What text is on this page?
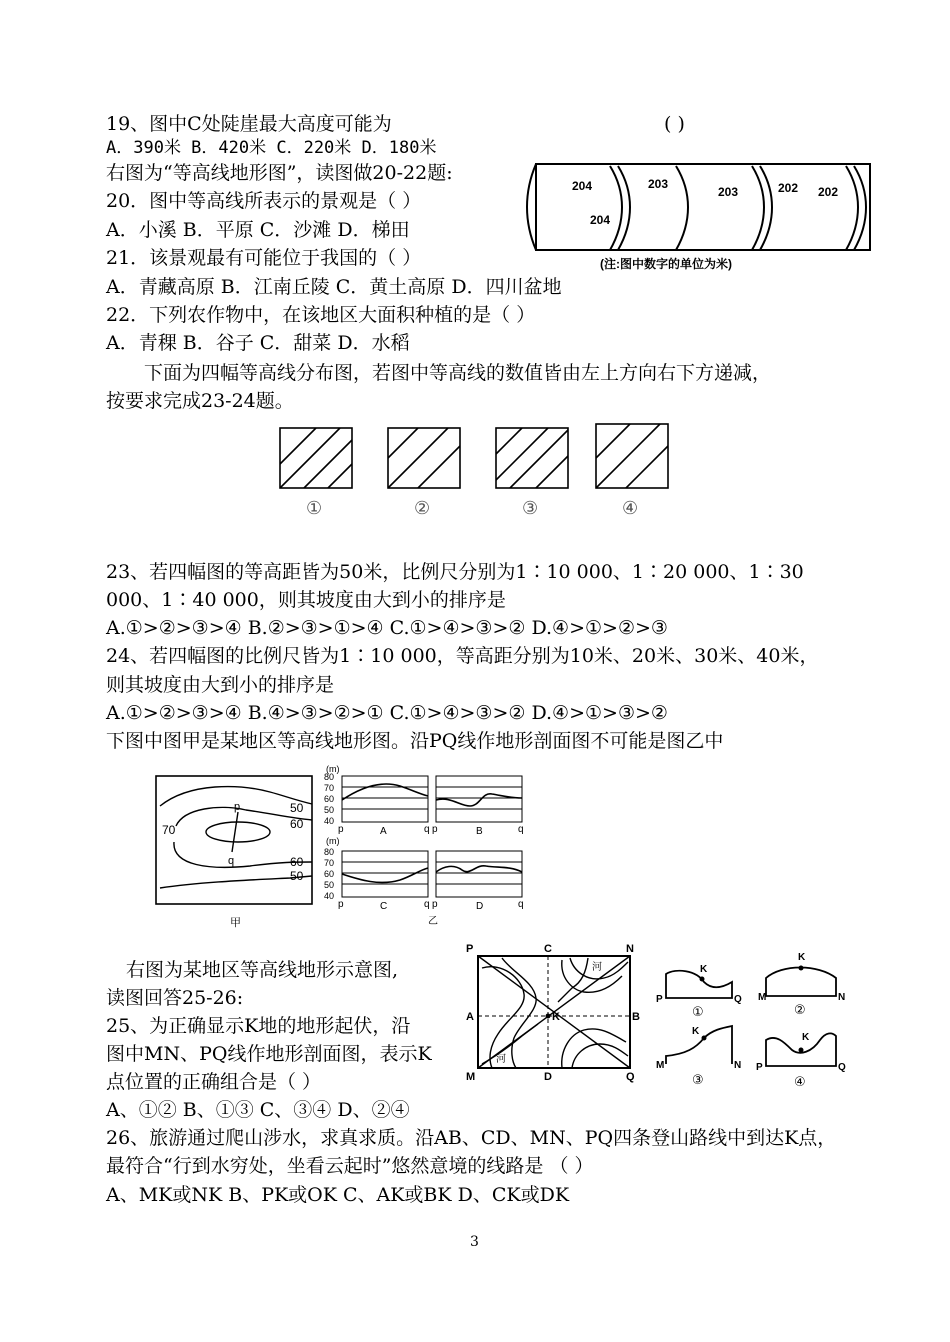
19、图中C处陡崖最大高度可能为	( )
A．390米 B．420米 C．220米 D．180米
右图为“等高线地形图”，读图做20-22题:
20．图中等高线所表示的景观是（ ）
A．小溪 B．平原 C．沙滩 D．梯田
21．该景观最有可能位于我国的（ ）
A．青藏高原 B．江南丘陵 C．黄土高原 D．四川盆地
22．下列农作物中，在该地区大面积种植的是（ ）
A．青稞 B．谷子 C．甜菜 D．水稻
204
204
203
203	202 202
(注:图中数字的单位为米)
下面为四幅等高线分布图，若图中等高线的数值皆由左上方向右下方递减，
按要求完成23-24题。
①	②	③	④
23、若四幅图的等高距皆为50米，比例尺分别为1∶10 000、1∶20 000、1∶30
000、1∶40 000，则其坡度由大到小的排序是
A.①>②>③>④ B.②>③>①>④ C.①>④>③>② D.④>①>②>③
24、若四幅图的比例尺皆为1∶10 000，等高距分别为10米、20米、30米、40米，
则其坡度由大到小的排序是
A.①>②>③>④ B.④>③>②>① C.①>④>③>② D.④>①>③>②
下图中图甲是某地区等高线地形图。沿PQ线作地形剖面图不可能是图乙中
50
60
70
60
50
p
q
甲
(m)
(m)
80
70
60
50
40
80
70
60
50
40
p	q
A	p	q
B
p	q
C	p	q
D
乙
右图为某地区等高线地形示意图,
读图回答25-26:
25、为正确显示K地的地形起伏，沿
图中MN、PQ线作地形剖面图，表示K
点位置的正确组合是（ ）
A、①② B、①③ C、③④ D、②④
P	C	N
A	K	B
M	D	Q
河
河
K
K
K
K
P	Q M	N
M	N P	Q
①	②
③	④
26、旅游通过爬山涉水，求真求质。沿AB、CD、MN、PQ四条登山路线中到达K点，
最符合“行到水穷处，坐看云起时”悠然意境的线路是 （ ）
A、MK或NK B、PK或OK C、AK或BK D、CK或DK
3
